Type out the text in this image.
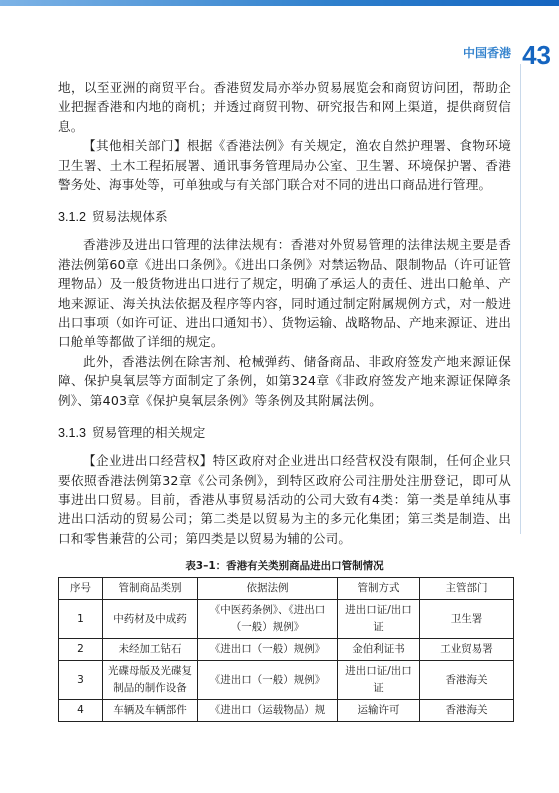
中国香港 43

地，以至亚洲的商贸平台。香港贸发局亦举办贸易展览会和商贸访问团，帮助企业把握香港和内地的商机；并透过商贸刊物、研究报告和网上渠道，提供商贸信息。

【其他相关部门】根据《香港法例》有关规定，渔农自然护理署、食物环境卫生署、土木工程拓展署、通讯事务管理局办公室、卫生署、环境保护署、香港警务处、海事处等，可单独或与有关部门联合对不同的进出口商品进行管理。

3.1.2 贸易法规体系

香港涉及进出口管理的法律法规有：香港对外贸易管理的法律法规主要是香港法例第60章《进出口条例》。《进出口条例》对禁运物品、限制物品（许可证管理物品）及一般货物进出口进行了规定，明确了承运人的责任、进出口舱单、产地来源证、海关执法依据及程序等内容，同时通过制定附属规例方式，对一般进出口事项（如许可证、进出口通知书）、货物运输、战略物品、产地来源证、进出口舱单等都做了详细的规定。

此外，香港法例在除害剂、枪械弹药、储备商品、非政府签发产地来源证保障、保护臭氧层等方面制定了条例，如第324章《非政府签发产地来源证保障条例》、第403章《保护臭氧层条例》等条例及其附属法例。

3.1.3 贸易管理的相关规定

【企业进出口经营权】特区政府对企业进出口经营权没有限制，任何企业只要依照香港法例第32章《公司条例》，到特区政府公司注册处注册登记，即可从事进出口贸易。目前，香港从事贸易活动的公司大致有4类：第一类是单纯从事进出口活动的贸易公司；第二类是以贸易为主的多元化集团；第三类是制造、出口和零售兼营的公司；第四类是以贸易为辅的公司。

表3–1：香港有关类别商品进出口管制情况
序号	管制商品类别	依据法例	管制方式	主管部门
1	中药材及中成药	《中医药条例》、《进出口（一般）规例》	进出口证/出口证	卫生署
2	未经加工钻石	《进出口（一般）规例》	金伯利证书	工业贸易署
3	光碟母版及光碟复制品的制作设备	《进出口（一般）规例》	进出口证/出口证	香港海关
4	车辆及车辆部件	《进出口（运载物品）规	运输许可	香港海关
